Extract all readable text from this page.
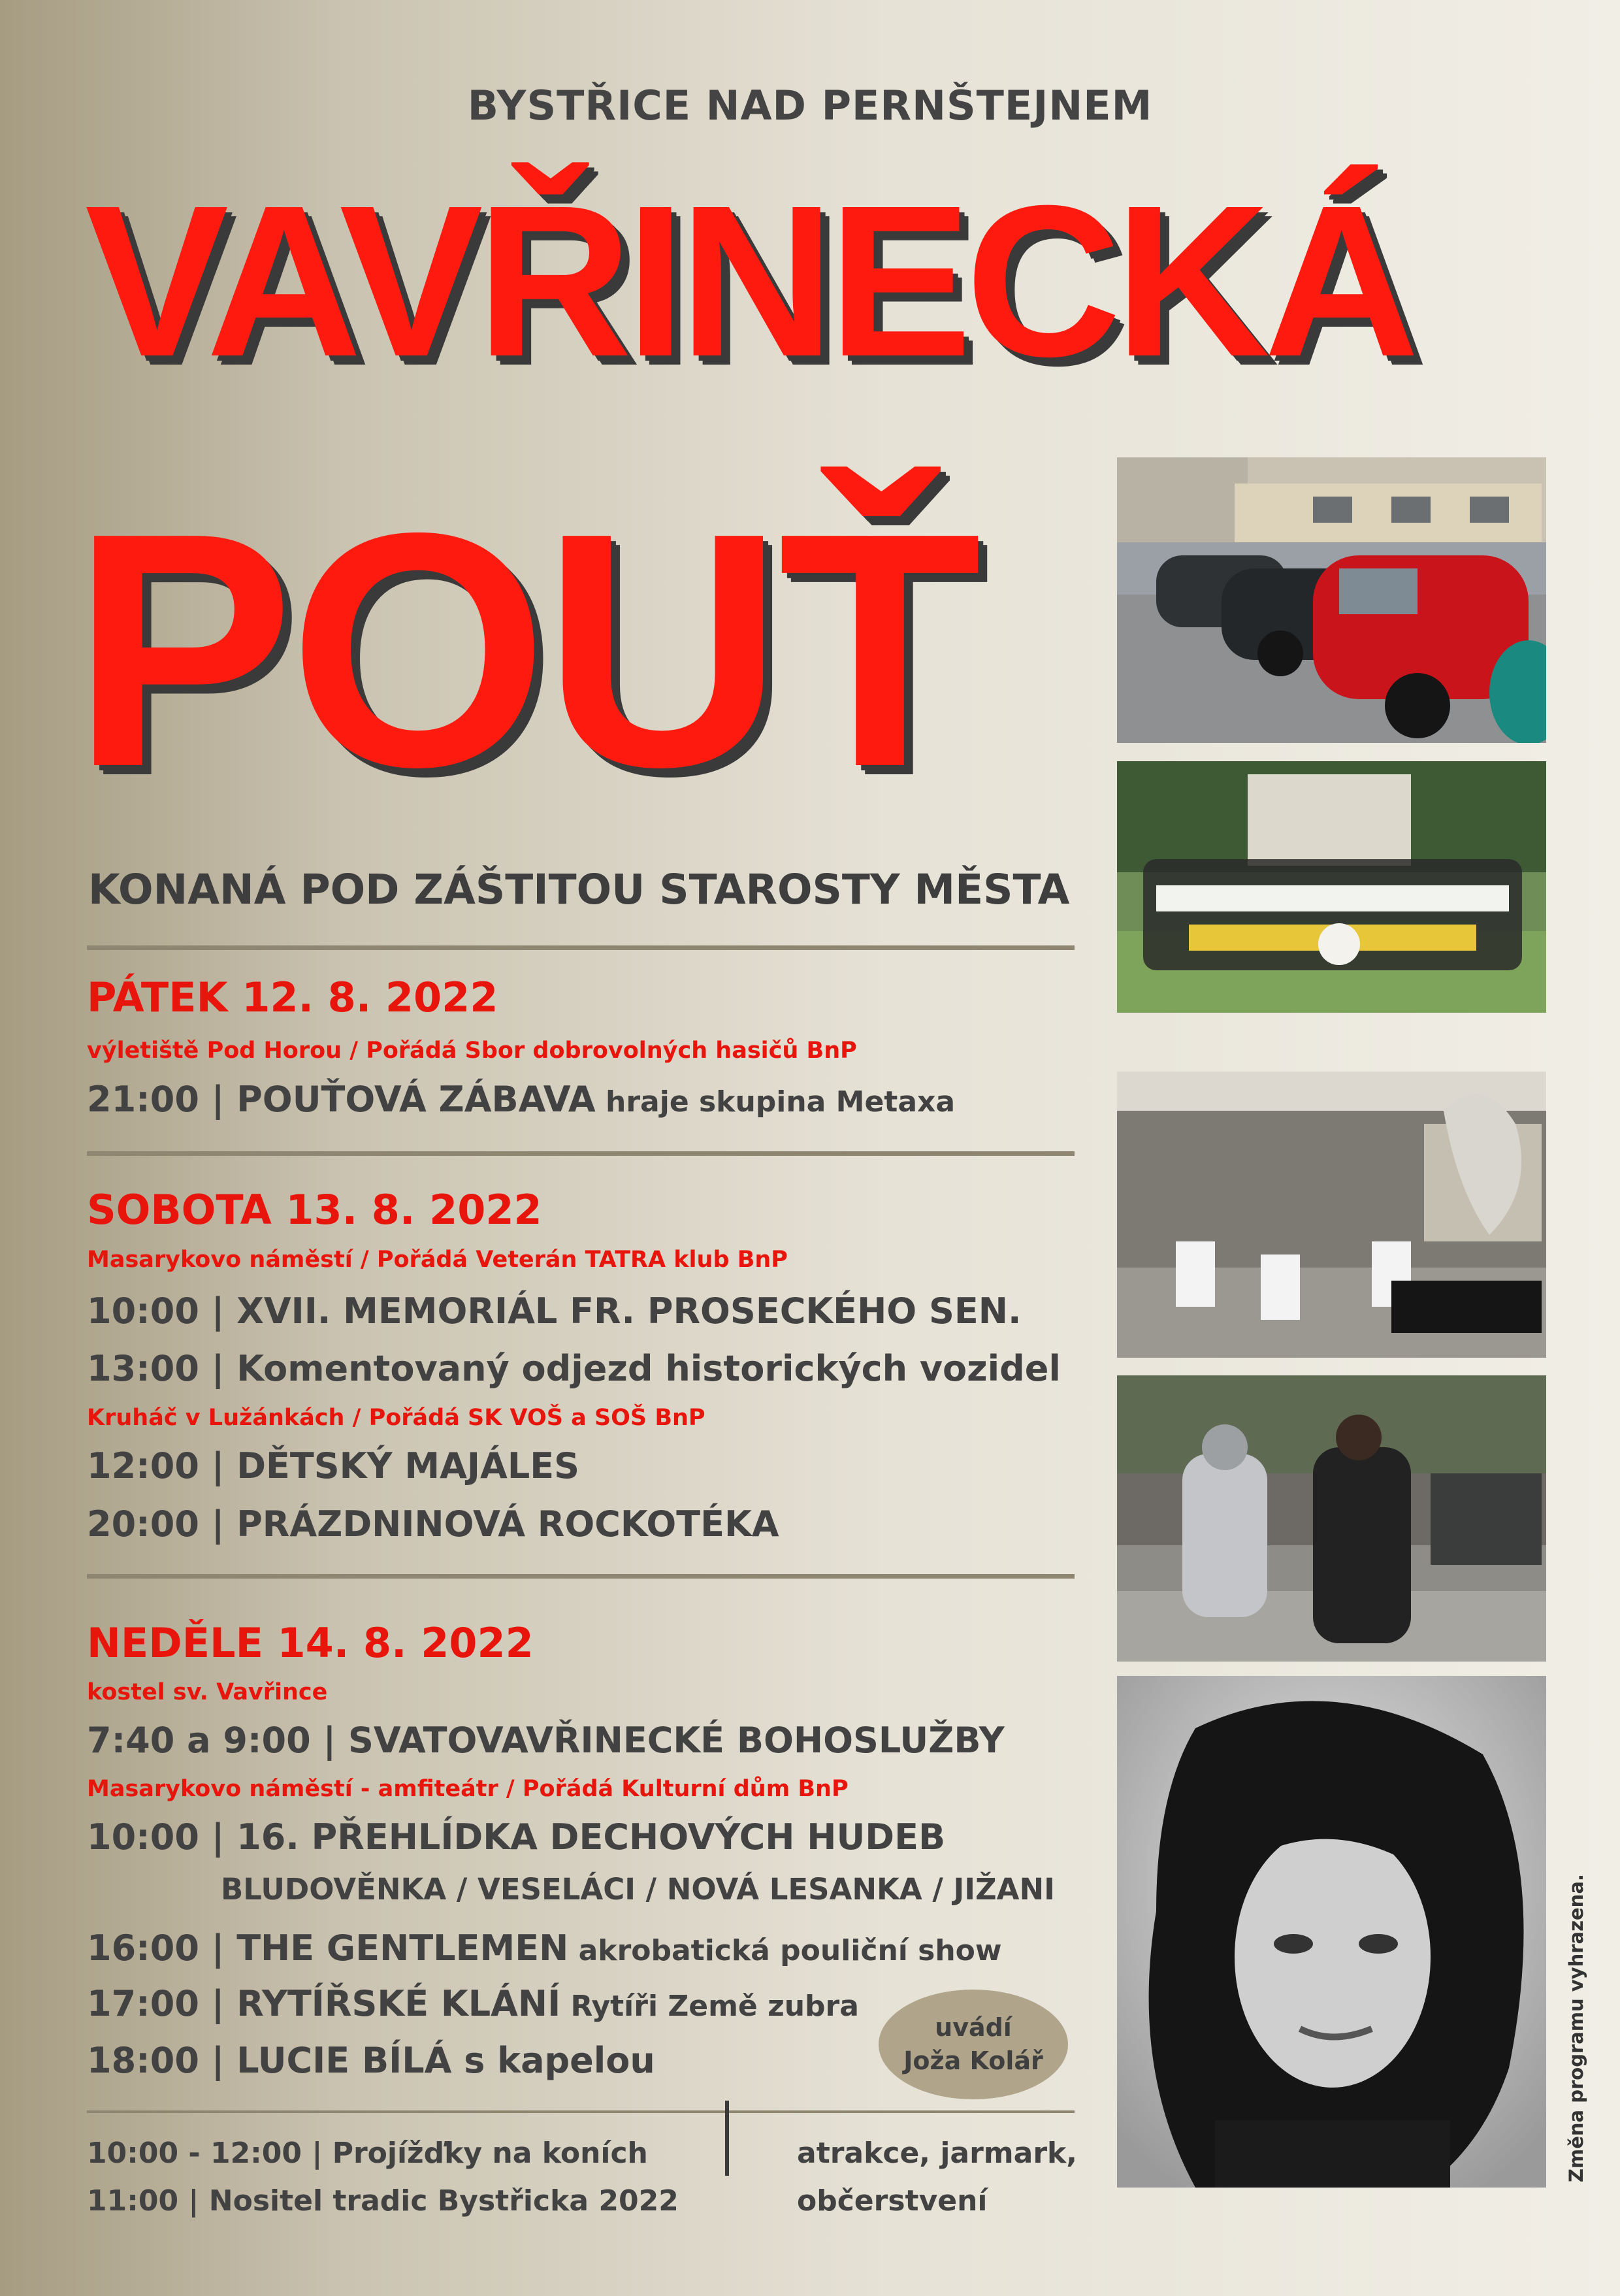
BYSTŘICE NAD PERNŠTEJNEM
VAVŘINECKÁ
POUŤ
KONANÁ POD ZÁŠTITOU STAROSTY MĚSTA
PÁTEK 12. 8. 2022
výletiště Pod Horou / Pořádá Sbor dobrovolných hasičů BnP
21:00 | POUŤOVÁ ZÁBAVA hraje skupina Metaxa
SOBOTA 13. 8. 2022
Masarykovo náměstí / Pořádá Veterán TATRA klub BnP
10:00 | XVII. MEMORIÁL FR. PROSECKÉHO SEN.
13:00 | Komentovaný odjezd historických vozidel
Kruháč v Lužánkách / Pořádá SK VOŠ a SOŠ BnP
12:00 | DĚTSKÝ MAJÁLES
20:00 | PRÁZDNINOVÁ ROCKOTÉKA
NEDĚLE 14. 8. 2022
kostel sv. Vavřince
7:40 a 9:00 | SVATOVAVŘINECKÉ BOHOSLUŽBY
Masarykovo náměstí - amfiteátr / Pořádá Kulturní dům BnP
10:00 | 16. PŘEHLÍDKA DECHOVÝCH HUDEB
BLUDOVĚNKA / VESELÁCI / NOVÁ LESANKA / JIŽANI
16:00 | THE GENTLEMEN akrobatická pouliční show
17:00 | RYTÍŘSKÉ KLÁNÍ Rytíři Země zubra
18:00 | LUCIE BÍLÁ s kapelou
uvádí
Joža Kolář
10:00 - 12:00 | Projížďky na koních
11:00 | Nositel tradic Bystřicka 2022
atrakce, jarmark,
občerstvení
Změna programu vyhrazena.
